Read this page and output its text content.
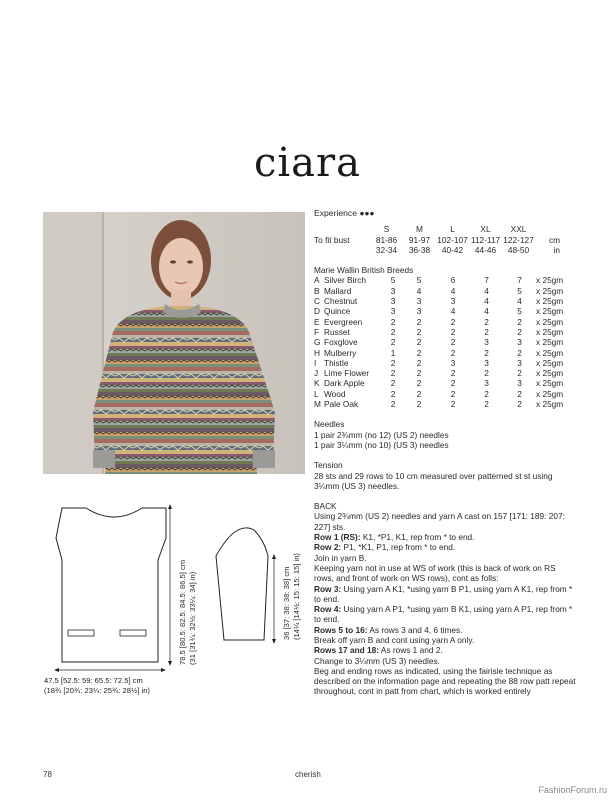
ciara
Experience ●●●
S	M	L	XL	XXL
To fit bust	81-86	91-97 102-107 112-117 122-127	cm
32-34	36-38	40-42	44-46	48-50	in
Marie Wallin British Breeds
A Silver Birch	5	5	6	7	7	x 25gm
B Mallard	3	4	4	4	5	x 25gm
C Chestnut	3	3	3	4	4	x 25gm
D Quince	3	3	4	4	5	x 25gm
E Evergreen	2	2	2	2	2	x 25gm
F Russet	2	2	2	2	2	x 25gm
G Foxglove	2	2	2	3	3	x 25gm
H Mulberry	1	2	2	2	2	x 25gm
I Thistle	2	2	3	3	3	x 25gm
J Lime Flower	2	2	2	2	2	x 25gm
K Dark Apple	2	2	2	3	3	x 25gm
L Wood	2	2	2	2	2	x 25gm
M Pale Oak	2	2	2	2	2	x 25gm
Needles
1 pair 2¾mm (no 12) (US 2) needles
1 pair 3¼mm (no 10) (US 3) needles
Tension
28 sts and 29 rows to 10 cm measured over patterned st st using 3¼mm (US 3) needles.
BACK
Using 2¾mm (US 2) needles and yarn A cast on 157 [171: 189: 207: 227] sts.
Row 1 (RS): K1, *P1, K1, rep from * to end.
Row 2: P1, *K1, P1, rep from * to end.
Join in yarn B.
Keeping yarn not in use at WS of work (this is back of work on RS rows, and front of work on WS rows), cont as folls:
Row 3: Using yarn A K1, *using yarn B P1, using yarn A K1, rep from * to end.
Row 4: Using yarn A P1, *using yarn B K1, using yarn A P1, rep from * to end.
Rows 5 to 16: As rows 3 and 4, 6 times.
Break off yarn B and cont using yarn A only.
Rows 17 and 18: As rows 1 and 2.
Change to 3¼mm (US 3) needles.
Beg and ending rows as indicated, using the fairisle technique as described on the information page and repeating the 88 row patt repeat throughout, cont in patt from chart, which is worked entirely
78.5 [80.5: 82.5: 84.5: 86.5] cm (31 [31¾: 32½: 33¼: 34] in)	36 [37: 38: 38: 38] cm (14¼ [14½: 15: 15: 15] in)
47.5 [52.5: 59: 65.5: 72.5] cm
(18¾ [20¾: 23¼: 25¾: 28½] in)
78	cherish
FashionForum.ru
